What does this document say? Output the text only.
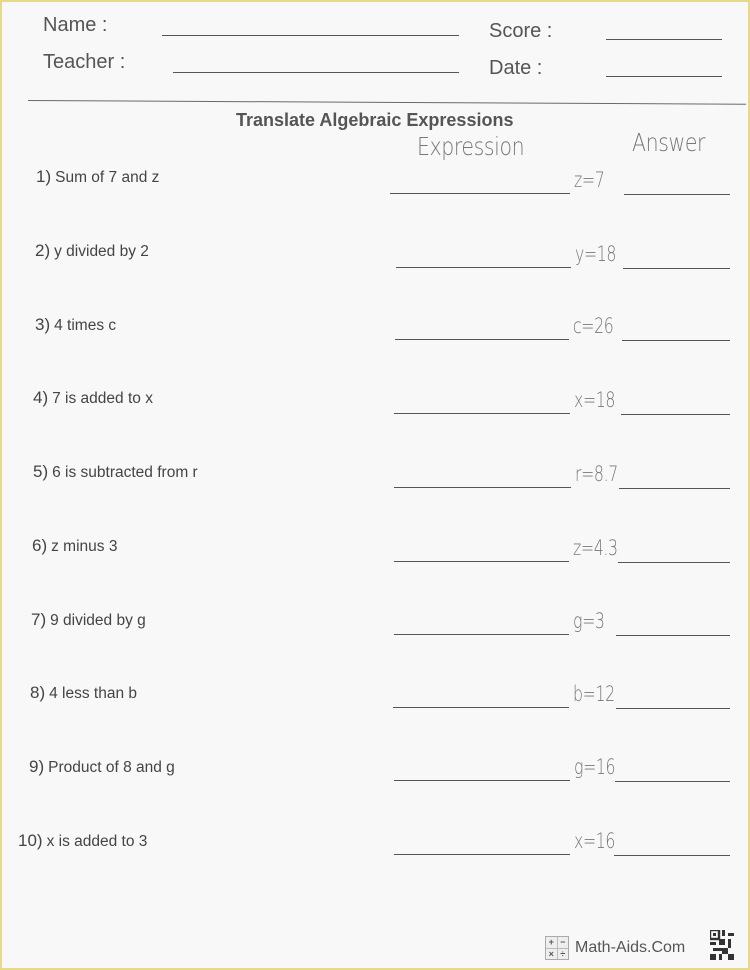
Name :
Teacher :
Score :
Date :
Translate Algebraic Expressions
Expression	Answer
1) Sum of 7 and z	z=7
2) y divided by 2	y=18
3) 4 times c	c=26
4) 7 is added to x	x=18
5) 6 is subtracted from r	r=8.7
6) z minus 3	z=4.3
7) 9 divided by g	g=3
8) 4 less than b	b=12
9) Product of 8 and g	g=16
10) x is added to 3	x=16
+ −
× ÷ Math-Aids.Com
